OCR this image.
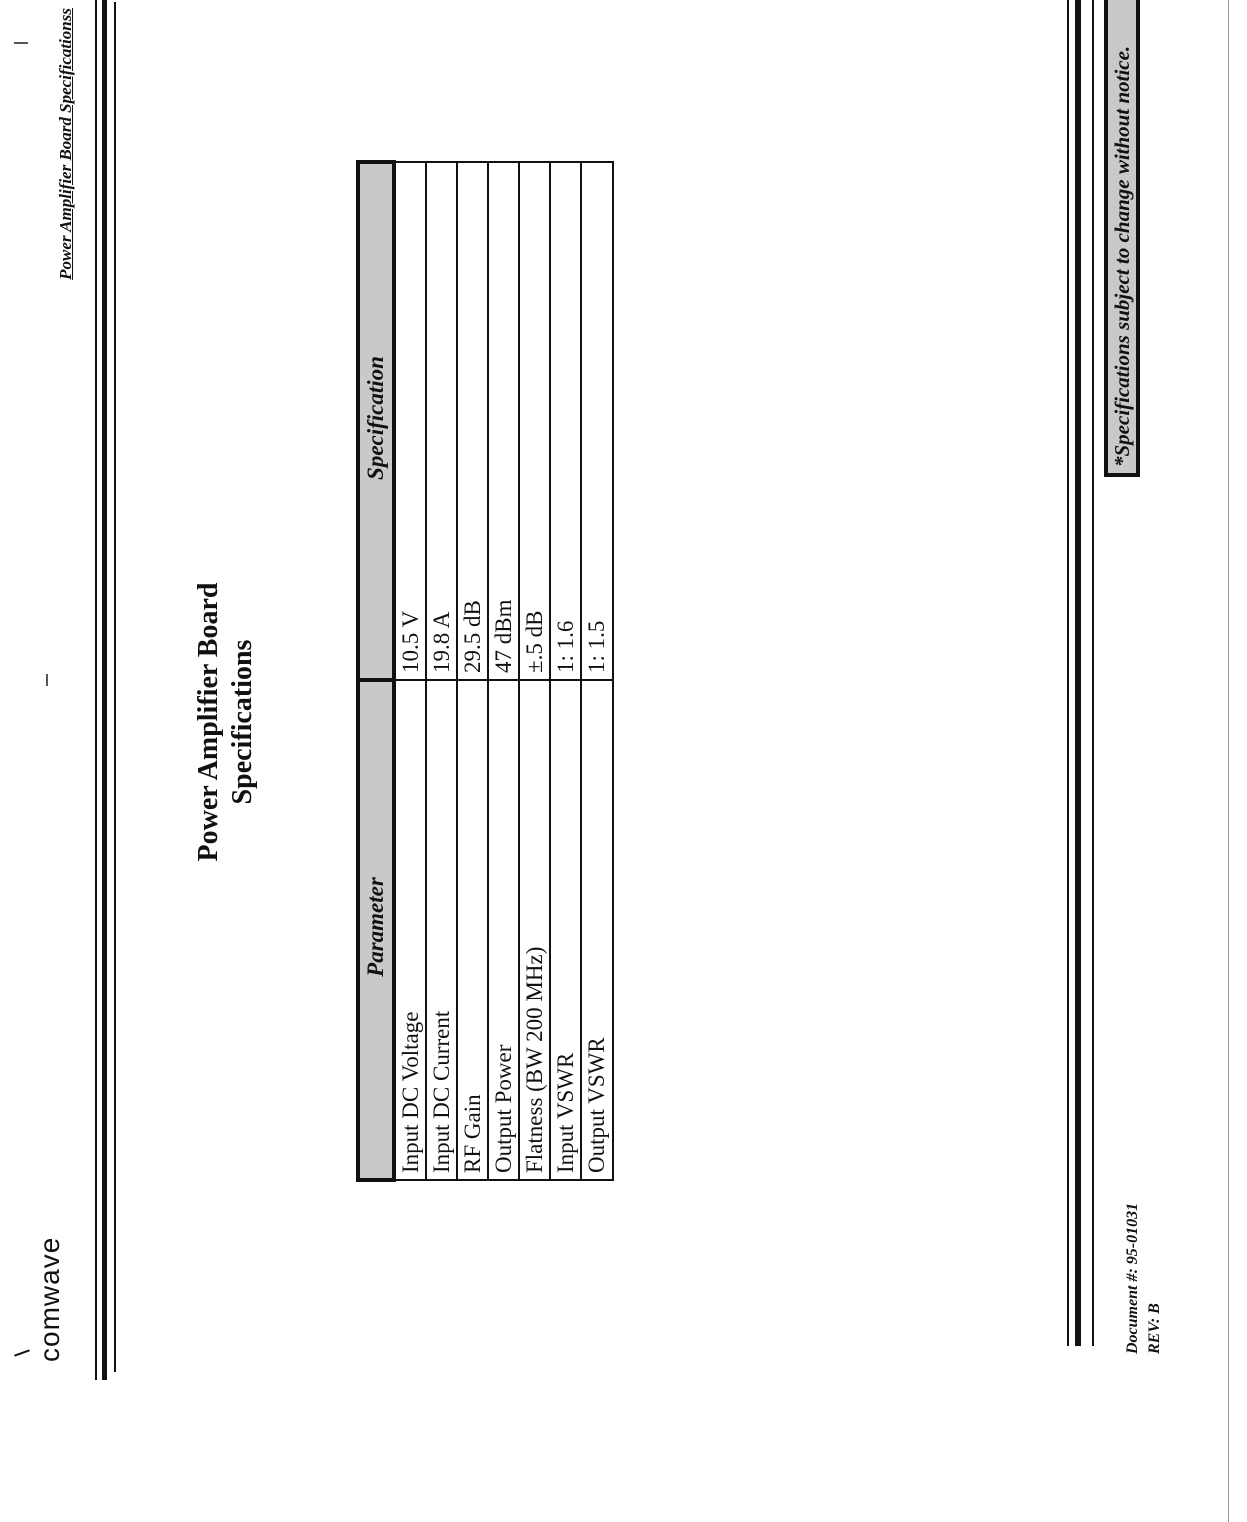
comwave
Power Amplifier Board Specificationss
Power Amplifier Board Specifications
Parameter	Specification
Input DC Voltage	10.5 V
Input DC Current	19.8 A
RF Gain	29.5 dB
Output Power	47 dBm
Flatness (BW 200 MHz)	±.5 dB
Input VSWR	1: 1.6
Output VSWR	1: 1.5
Document #: 95-01031 REV: B
*Specifications subject to change without notice.
